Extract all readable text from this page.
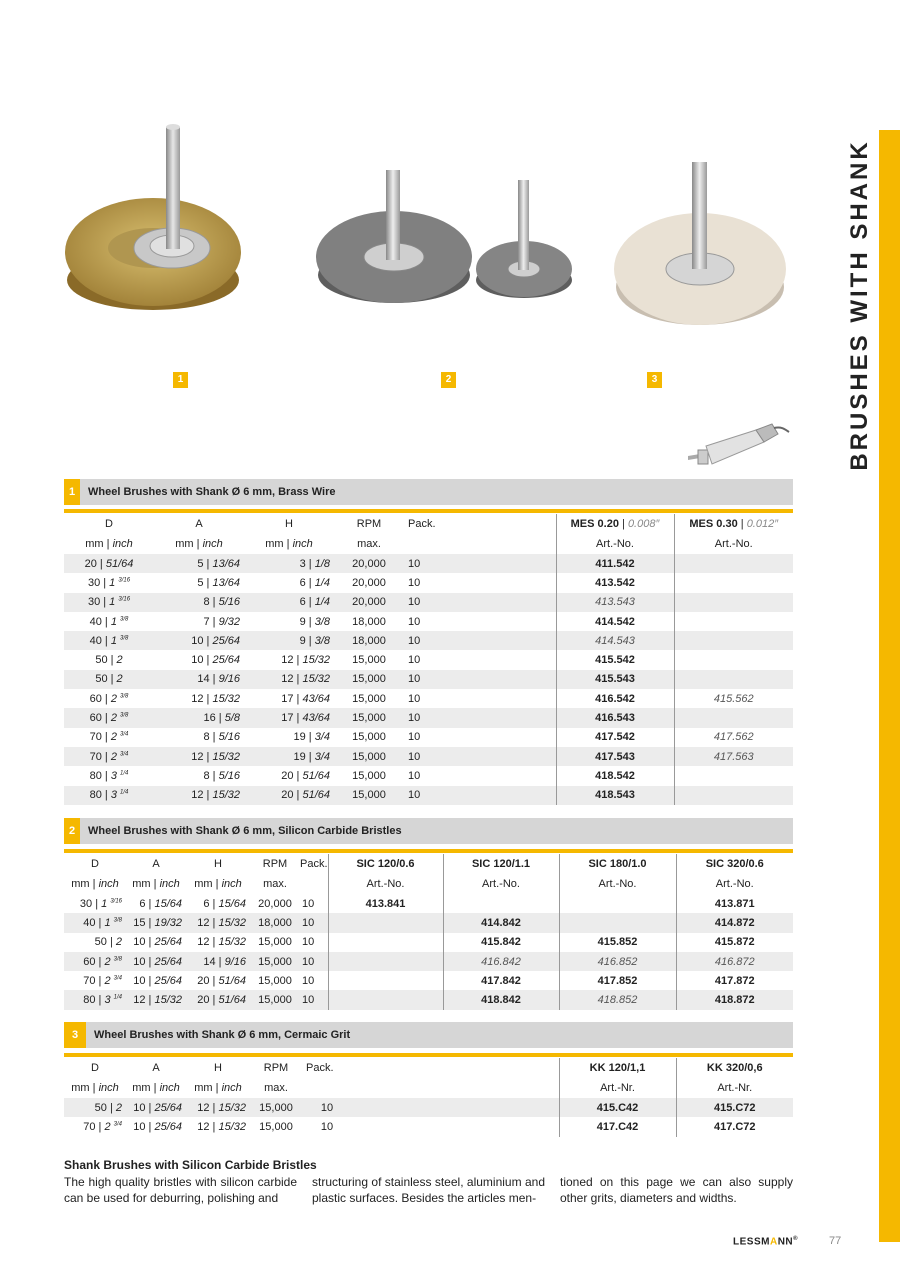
BRUSHES WITH SHANK
1	2	3
1 Wheel Brushes with Shank Ø 6 mm, Brass Wire
D	A	H	RPM	Pack.		MES 0.20 | 0.008″	MES 0.30 | 0.012″
mm | inch	mm | inch	mm | inch	max.			Art.-No.	Art.-No.
20 | 51/64	5 | 13/64	3 | 1/8	20,000	10		411.542	
30 | 1 $^{3/16}$	5 | 13/64	6 | 1/4	20,000	10		413.542	
30 | 1 $^{3/16}$	8 | 5/16	6 | 1/4	20,000	10		413.543	
40 | 1 $^{3/8}$	7 | 9/32	9 | 3/8	18,000	10		414.542	
40 | 1 $^{3/8}$	10 | 25/64	9 | 3/8	18,000	10		414.543	
50 | 2	10 | 25/64	12 | 15/32	15,000	10		415.542	
50 | 2	14 | 9/16	12 | 15/32	15,000	10		415.543	
60 | 2 $^{3/8}$	12 | 15/32	17 | 43/64	15,000	10		416.542	415.562
60 | 2 $^{3/8}$	16 | 5/8	17 | 43/64	15,000	10		416.543	
70 | 2 $^{3/4}$	8 | 5/16	19 | 3/4	15,000	10		417.542	417.562
70 | 2 $^{3/4}$	12 | 15/32	19 | 3/4	15,000	10		417.543	417.563
80 | 3 $^{1/4}$	8 | 5/16	20 | 51/64	15,000	10		418.542	
80 | 3 $^{1/4}$	12 | 15/32	20 | 51/64	15,000	10		418.543	
2 Wheel Brushes with Shank Ø 6 mm, Silicon Carbide Bristles
D	A	H	RPM	Pack.	SIC 120/0.6	SIC 120/1.1	SIC 180/1.0	SIC 320/0.6
mm | inch	mm | inch	mm | inch	max.		Art.-No.	Art.-No.	Art.-No.	Art.-No.
30 | 1 $^{3/16}$	6 | 15/64	6 | 15/64	20,000	10	413.841			413.871
40 | 1 $^{3/8}$	15 | 19/32	12 | 15/32	18,000	10		414.842		414.872
50 | 2	10 | 25/64	12 | 15/32	15,000	10		415.842	415.852	415.872
60 | 2 $^{3/8}$	10 | 25/64	14 | 9/16	15,000	10		416.842	416.852	416.872
70 | 2 $^{3/4}$	10 | 25/64	20 | 51/64	15,000	10		417.842	417.852	417.872
80 | 3 $^{1/4}$	12 | 15/32	20 | 51/64	15,000	10		418.842	418.852	418.872
3 Wheel Brushes with Shank Ø 6 mm, Cermaic Grit
D	A	H	RPM	Pack.		KK 120/1,1	KK 320/0,6
mm | inch	mm | inch	mm | inch	max.			Art.-Nr.	Art.-Nr.
50 | 2	10 | 25/64	12 | 15/32	15,000	10		415.C42	415.C72
70 | 2 $^{3/4}$	10 | 25/64	12 | 15/32	15,000	10		417.C42	417.C72
Shank Brushes with Silicon Carbide Bristles
The high quality bristles with silicon carbide can be used for deburring, polishing and
structuring of stainless steel, aluminium and plastic surfaces. Besides the articles men-
tioned on this page we can also supply other grits, diameters and widths.
LESSMANN®	77
